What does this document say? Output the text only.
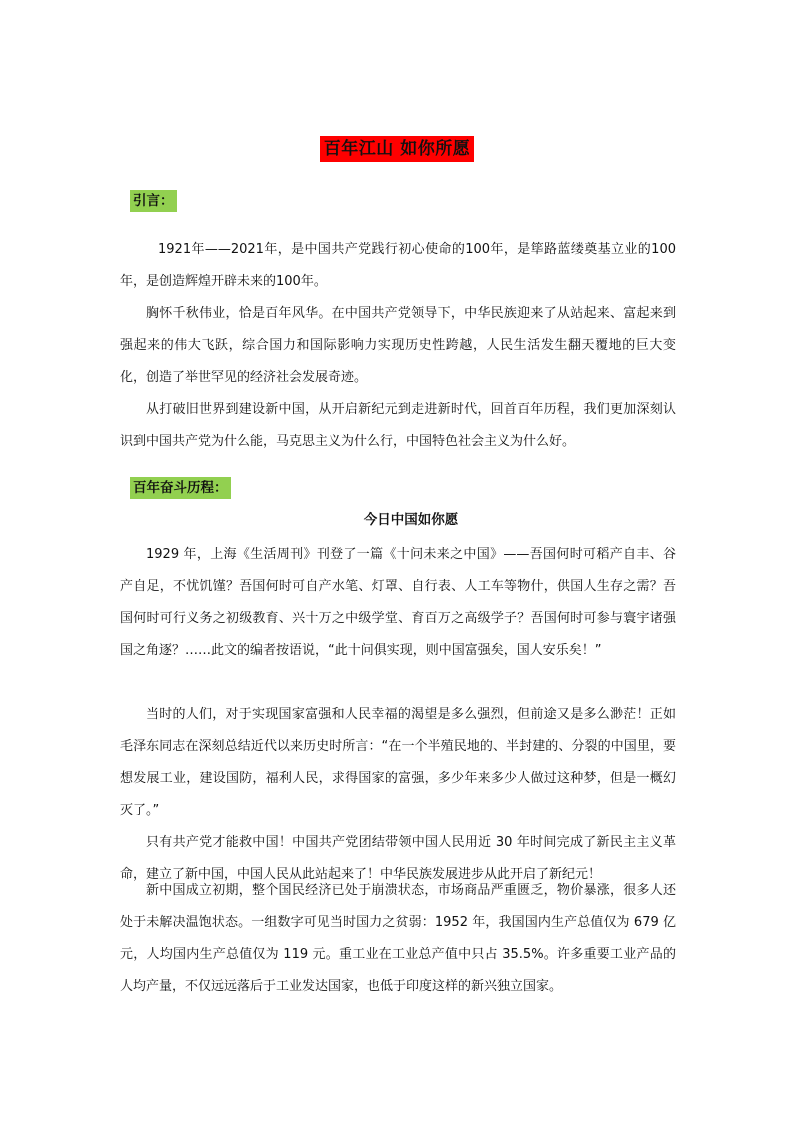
百年江山 如你所愿
引言：

1921年——2021年，是中国共产党践行初心使命的100年，是筚路蓝缕奠基立业的100年，是创造辉煌开辟未来的100年。

胸怀千秋伟业，恰是百年风华。在中国共产党领导下，中华民族迎来了从站起来、富起来到强起来的伟大飞跃，综合国力和国际影响力实现历史性跨越，人民生活发生翻天覆地的巨大变化，创造了举世罕见的经济社会发展奇迹。

从打破旧世界到建设新中国，从开启新纪元到走进新时代，回首百年历程，我们更加深刻认识到中国共产党为什么能，马克思主义为什么行，中国特色社会主义为什么好。

百年奋斗历程：
今日中国如你愿

1929 年，上海《生活周刊》刊登了一篇《十问未来之中国》——吾国何时可稻产自丰、谷产自足，不忧饥馑？吾国何时可自产水笔、灯罩、自行表、人工车等物什，供国人生存之需？吾国何时可行义务之初级教育、兴十万之中级学堂、育百万之高级学子？吾国何时可参与寰宇诸强国之角逐？……此文的编者按语说，“此十问俱实现，则中国富强矣，国人安乐矣！”

当时的人们，对于实现国家富强和人民幸福的渴望是多么强烈，但前途又是多么渺茫！正如毛泽东同志在深刻总结近代以来历史时所言：“在一个半殖民地的、半封建的、分裂的中国里，要想发展工业，建设国防，福利人民，求得国家的富强，多少年来多少人做过这种梦，但是一概幻灭了。”

只有共产党才能救中国！中国共产党团结带领中国人民用近 30 年时间完成了新民主主义革命，建立了新中国，中国人民从此站起来了！中华民族发展进步从此开启了新纪元！

新中国成立初期，整个国民经济已处于崩溃状态，市场商品严重匮乏，物价暴涨，很多人还处于未解决温饱状态。一组数字可见当时国力之贫弱：1952 年，我国国内生产总值仅为 679 亿元，人均国内生产总值仅为 119 元。重工业在工业总产值中只占 35.5%。许多重要工业产品的人均产量，不仅远远落后于工业发达国家，也低于印度这样的新兴独立国家。
